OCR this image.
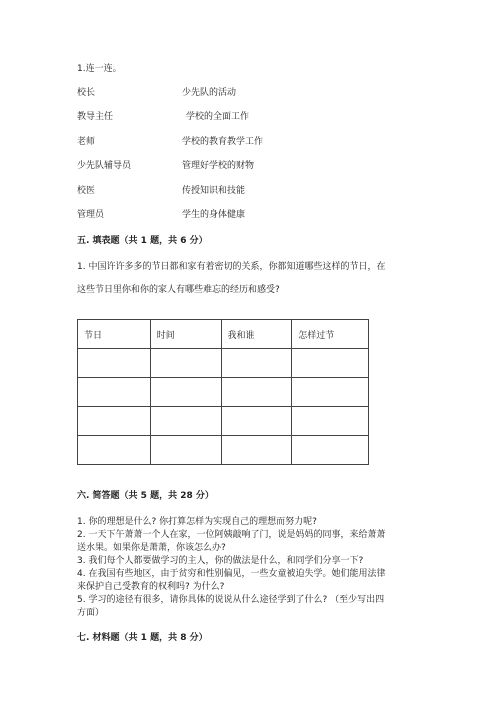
1.连一连。
校长	少先队的活动
教导主任	学校的全面工作
老师	学校的教育教学工作
少先队辅导员	管理好学校的财物
校医	传授知识和技能
管理员	学生的身体健康
五. 填表题（共 1 题，共 6 分）
1. 中国许许多多的节日都和家有着密切的关系，你都知道哪些这样的节日，在
这些节日里你和你的家人有哪些难忘的经历和感受?
节日	时间	我和谁	怎样过节

六. 简答题（共 5 题，共 28 分）
1. 你的理想是什么? 你打算怎样为实现自己的理想而努力呢?
2. 一天下午萧萧一个人在家，一位阿姨敲响了门，说是妈妈的同事，来给萧萧
送水果。如果你是萧萧，你该怎么办?
3. 我们每个人都要做学习的主人，你的做法是什么，和同学们分享一下?
4. 在我国有些地区，由于贫穷和性别偏见，一些女童被迫失学。她们能用法律
来保护自己受教育的权利吗? 为什么?
5. 学习的途径有很多，请你具体的说说从什么途径学到了什么? （至少写出四
方面）
七. 材料题（共 1 题，共 8 分）
